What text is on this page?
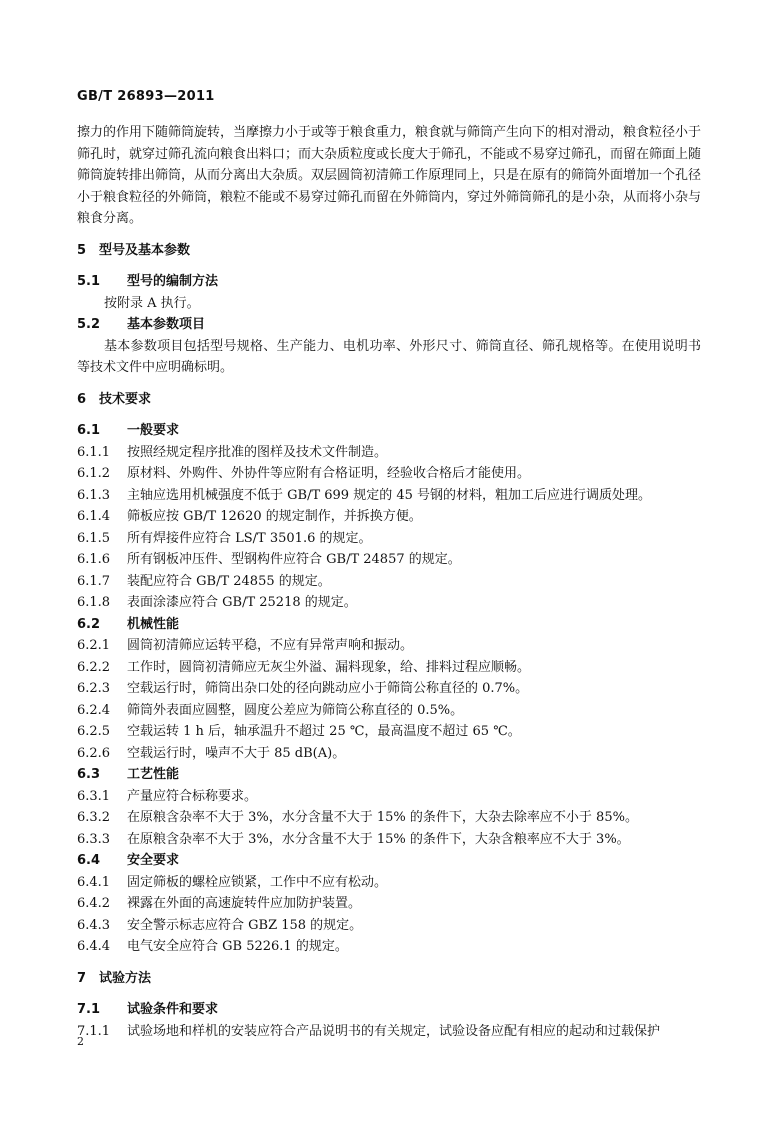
GB/T 26893—2011

擦力的作用下随筛筒旋转，当摩擦力小于或等于粮食重力，粮食就与筛筒产生向下的相对滑动，粮食粒径小于筛孔时，就穿过筛孔流向粮食出料口；而大杂质粒度或长度大于筛孔，不能或不易穿过筛孔，而留在筛面上随筛筒旋转排出筛筒，从而分离出大杂质。双层圆筒初清筛工作原理同上，只是在原有的筛筒外面增加一个孔径小于粮食粒径的外筛筒，粮粒不能或不易穿过筛孔而留在外筛筒内，穿过外筛筒筛孔的是小杂，从而将小杂与粮食分离。

5 型号及基本参数
5.1	型号的编制方法

按附录 A 执行。

5.2	基本参数项目

基本参数项目包括型号规格、生产能力、电机功率、外形尺寸、筛筒直径、筛孔规格等。在使用说明书等技术文件中应明确标明。

6 技术要求
6.1	一般要求
6.1.1	按照经规定程序批准的图样及技术文件制造。
6.1.2	原材料、外购件、外协件等应附有合格证明，经验收合格后才能使用。
6.1.3	主轴应选用机械强度不低于 GB/T 699 规定的 45 号钢的材料，粗加工后应进行调质处理。
6.1.4	筛板应按 GB/T 12620 的规定制作，并拆换方便。
6.1.5	所有焊接件应符合 LS/T 3501.6 的规定。
6.1.6	所有钢板冲压件、型钢构件应符合 GB/T 24857 的规定。
6.1.7	装配应符合 GB/T 24855 的规定。
6.1.8	表面涂漆应符合 GB/T 25218 的规定。
6.2	机械性能
6.2.1	圆筒初清筛应运转平稳，不应有异常声响和振动。
6.2.2	工作时，圆筒初清筛应无灰尘外溢、漏料现象，给、排料过程应顺畅。
6.2.3	空载运行时，筛筒出杂口处的径向跳动应小于筛筒公称直径的 0.7%。
6.2.4	筛筒外表面应圆整，圆度公差应为筛筒公称直径的 0.5%。
6.2.5	空载运转 1 h 后，轴承温升不超过 25 ℃，最高温度不超过 65 ℃。
6.2.6	空载运行时，噪声不大于 85 dB(A)。
6.3	工艺性能
6.3.1	产量应符合标称要求。
6.3.2	在原粮含杂率不大于 3%，水分含量不大于 15% 的条件下，大杂去除率应不小于 85%。
6.3.3	在原粮含杂率不大于 3%，水分含量不大于 15% 的条件下，大杂含粮率应不大于 3%。
6.4	安全要求
6.4.1	固定筛板的螺栓应锁紧，工作中不应有松动。
6.4.2	裸露在外面的高速旋转件应加防护装置。
6.4.3	安全警示标志应符合 GBZ 158 的规定。
6.4.4	电气安全应符合 GB 5226.1 的规定。
7 试验方法
7.1	试验条件和要求
7.1.1	试验场地和样机的安装应符合产品说明书的有关规定，试验设备应配有相应的起动和过载保护
2
